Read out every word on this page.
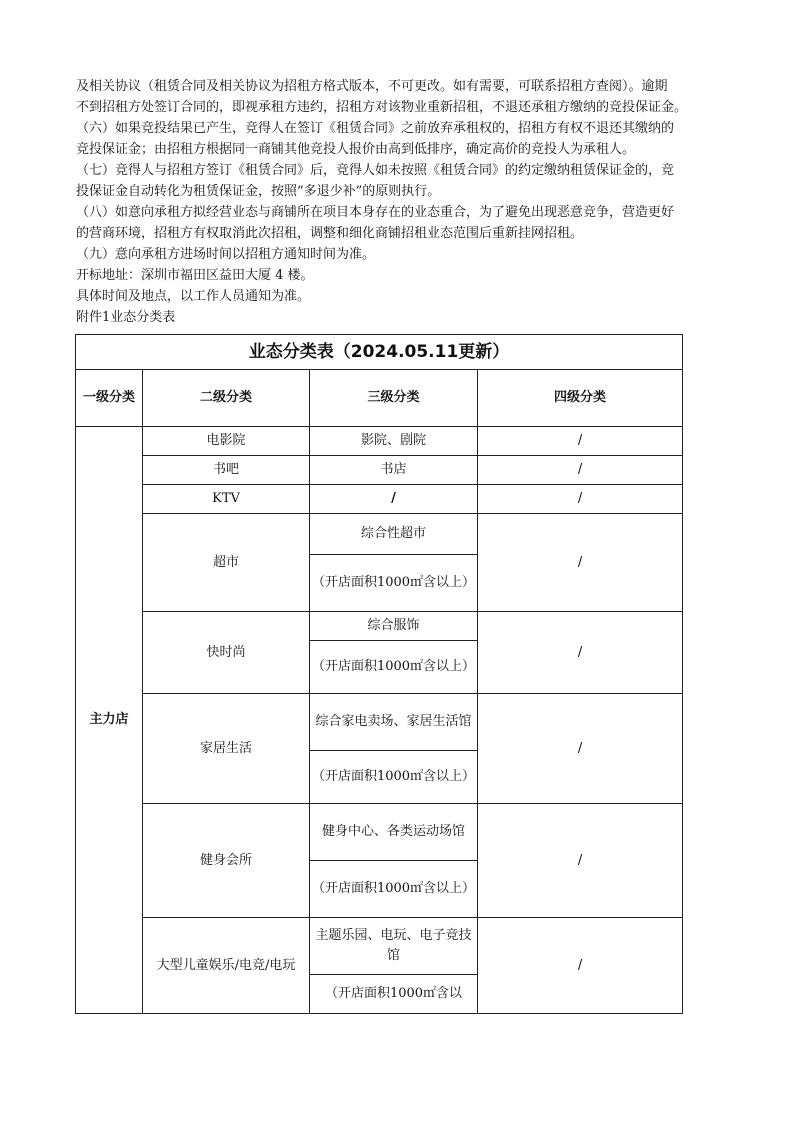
及相关协议（租赁合同及相关协议为招租方格式版本，不可更改。如有需要，可联系招租方查阅）。逾期
不到招租方处签订合同的，即视承租方违约，招租方对该物业重新招租，不退还承租方缴纳的竞投保证金。
（六）如果竞投结果已产生，竞得人在签订《租赁合同》之前放弃承租权的，招租方有权不退还其缴纳的
竞投保证金；由招租方根据同一商铺其他竞投人报价由高到低排序，确定高价的竞投人为承租人。
（七）竞得人与招租方签订《租赁合同》后，竞得人如未按照《租赁合同》的约定缴纳租赁保证金的，竞
投保证金自动转化为租赁保证金，按照“多退少补”的原则执行。
（八）如意向承租方拟经营业态与商铺所在项目本身存在的业态重合，为了避免出现恶意竞争，营造更好
的营商环境，招租方有权取消此次招租，调整和细化商铺招租业态范围后重新挂网招租。
（九）意向承租方进场时间以招租方通知时间为准。
开标地址：深圳市福田区益田大厦 4 楼。
具体时间及地点，以工作人员通知为准。
附件1业态分类表
业态分类表（2024.05.11更新）			
一级分类	二级分类	三级分类	四级分类
主力店	电影院	影院、剧院	/
	书吧	书店	/
	KTV	/	/
	超市	综合性超市	/
		（开店面积1000㎡含以上）	
	快时尚	综合服饰	/
		（开店面积1000㎡含以上）	
	家居生活	综合家电卖场、家居生活馆	/
		（开店面积1000㎡含以上）	
	健身会所	健身中心、各类运动场馆	/
		（开店面积1000㎡含以上）	
	大型儿童娱乐/电竞/电玩	主题乐园、电玩、电子竞技馆	/
		（开店面积1000㎡含以	
